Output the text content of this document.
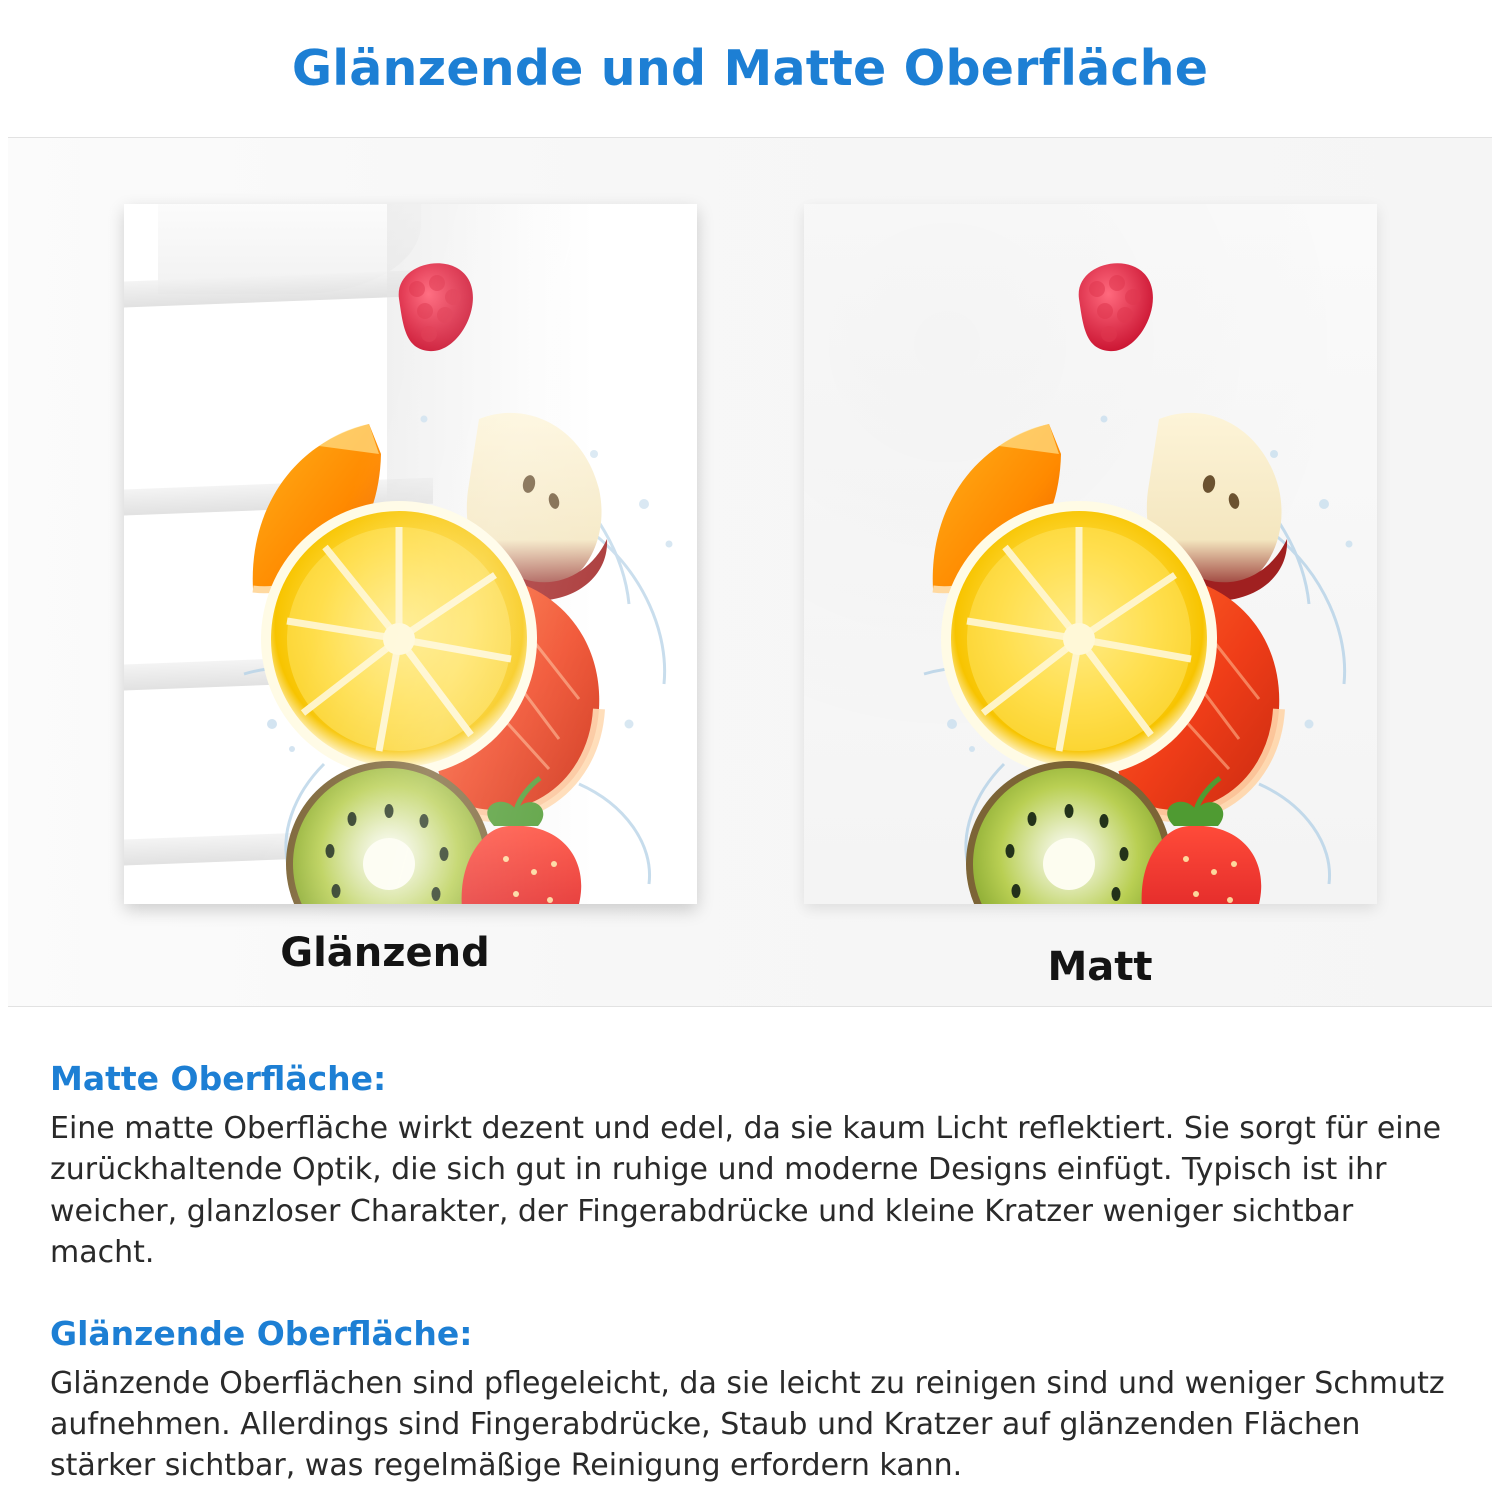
Glänzende und Matte Oberfläche
Glänzend	Matt
Matte Oberfläche:
Eine matte Oberfläche wirkt dezent und edel, da sie kaum Licht reflektiert. Sie sorgt für eine zurückhaltende Optik, die sich gut in ruhige und moderne Designs einfügt. Typisch ist ihr weicher, glanzloser Charakter, der Fingerabdrücke und kleine Kratzer weniger sichtbar macht.
Glänzende Oberfläche:
Glänzende Oberflächen sind pflegeleicht, da sie leicht zu reinigen sind und weniger Schmutz aufnehmen. Allerdings sind Fingerabdrücke, Staub und Kratzer auf glänzenden Flächen stärker sichtbar, was regelmäßige Reinigung erfordern kann.
